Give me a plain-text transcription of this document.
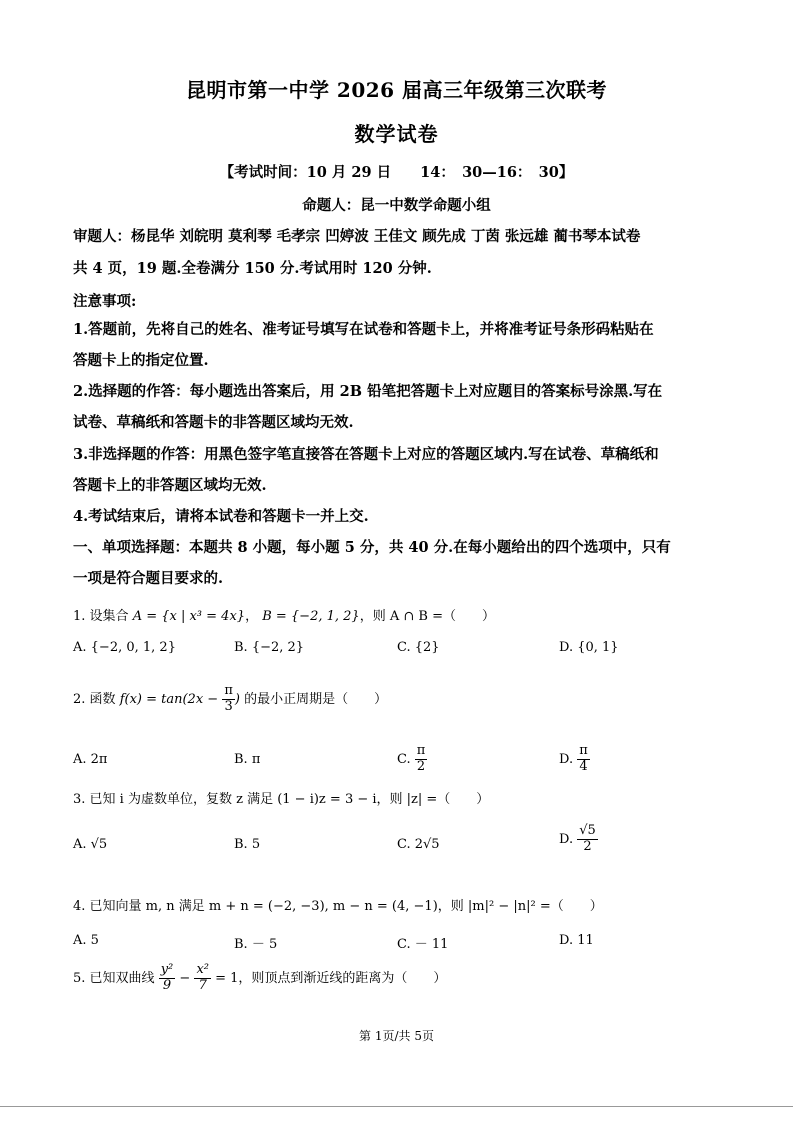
昆明市第一中学 2026 届高三年级第三次联考
数学试卷
【考试时间：10 月 29 日　　14：　30—16：　30】
命题人：昆一中数学命题小组
审题人：杨昆华 刘皖明 莫利琴 毛孝宗 凹婷波 王佳文 顾先成 丁茵 张远雄 蔺书琴本试卷
共 4 页，19 题.全卷满分 150 分.考试用时 120 分钟.
注意事项:
1.答题前，先将自己的姓名、准考证号填写在试卷和答题卡上，并将准考证号条形码粘贴在
答题卡上的指定位置.
2.选择题的作答：每小题选出答案后，用 2B 铅笔把答题卡上对应题目的答案标号涂黑.写在
试卷、草稿纸和答题卡的非答题区域均无效.
3.非选择题的作答：用黑色签字笔直接答在答题卡上对应的答题区域内.写在试卷、草稿纸和
答题卡上的非答题区域均无效.
4.考试结束后，请将本试卷和答题卡一并上交.
一、单项选择题：本题共 8 小题，每小题 5 分，共 40 分.在每小题给出的四个选项中，只有
一项是符合题目要求的.
1. 设集合 A = {x | x³ = 4x}， B = {−2, 1, 2}，则 A ∩ B =（　　）
A. {−2, 0, 1, 2}	B. {−2, 2}	C. {2}	D. {0, 1}
2. 函数 $f(x) = \tan(2x - \frac{\pi}{3}$ ) 的最小正周期是（　　）
A. 2π	B. π	C. $\frac{\pi}{2}$	D. $\frac{\pi}{4}$
3. 已知 i 为虚数单位，复数 z 满足 (1 − i)z = 3 − i，则 |z| =（　　）
A. √5	B. 5	C. 2√5	D. $\frac{√5}{2}$
4. 已知向量 m, n 满足 m + n = (−2, −3), m − n = (4, −1)，则 |m|² − |n|² =（　　）
A. 5	B. － 5	C. － 11	D. 11
5. 已知双曲线 $\frac{\text{y²}}{9} - \frac{\text{x²}}{7} = 1$，则顶点到渐近线的距离为（　　）
第 1页/共 5页
